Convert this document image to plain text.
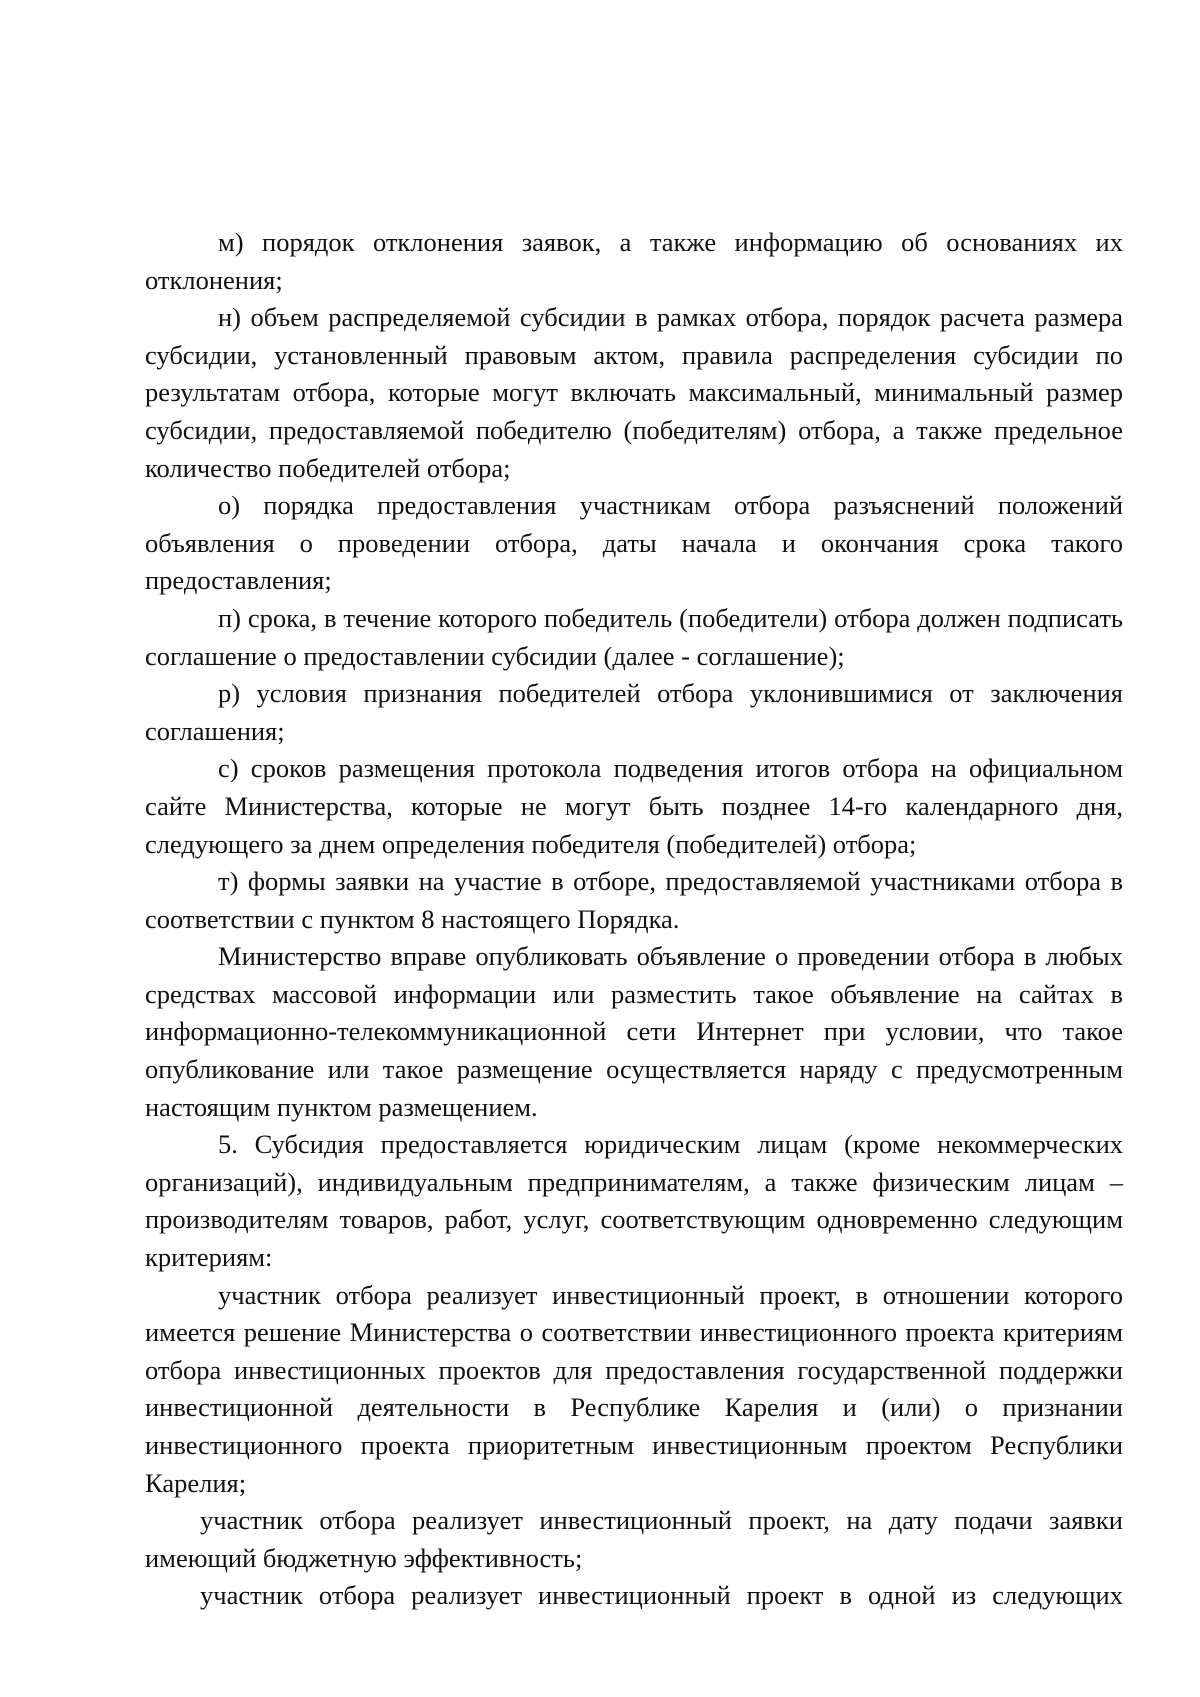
м) порядок отклонения заявок, а также информацию об основаниях их отклонения;

н) объем распределяемой субсидии в рамках отбора, порядок расчета размера субсидии, установленный правовым актом, правила распределения субсидии по результатам отбора, которые могут включать максимальный, минимальный размер субсидии, предоставляемой победителю (победителям) отбора, а также предельное количество победителей отбора;

о) порядка предоставления участникам отбора разъяснений положений объявления о проведении отбора, даты начала и окончания срока такого предоставления;

п) срока, в течение которого победитель (победители) отбора должен подписать соглашение о предоставлении субсидии (далее - соглашение);

р) условия признания победителей отбора уклонившимися от заключения соглашения;

с) сроков размещения протокола подведения итогов отбора на официальном сайте Министерства, которые не могут быть позднее 14-го календарного дня, следующего за днем определения победителя (победителей) отбора;

т) формы заявки на участие в отборе, предоставляемой участниками отбора в соответствии с пунктом 8 настоящего Порядка.

Министерство вправе опубликовать объявление о проведении отбора в любых средствах массовой информации или разместить такое объявление на сайтах в информационно-телекоммуникационной сети Интернет при условии, что такое опубликование или такое размещение осуществляется наряду с предусмотренным настоящим пунктом размещением.

5. Субсидия предоставляется юридическим лицам (кроме некоммерческих организаций), индивидуальным предпринимателям, а также физическим лицам – производителям товаров, работ, услуг, соответствующим одновременно следующим критериям:

участник отбора реализует инвестиционный проект, в отношении которого имеется решение Министерства о соответствии инвестиционного проекта критериям отбора инвестиционных проектов для предоставления государственной поддержки инвестиционной деятельности в Республике Карелия и (или) о признании инвестиционного проекта приоритетным инвестиционным проектом Республики Карелия;

участник отбора реализует инвестиционный проект, на дату подачи заявки имеющий бюджетную эффективность;

участник отбора реализует инвестиционный проект в одной из следующих
